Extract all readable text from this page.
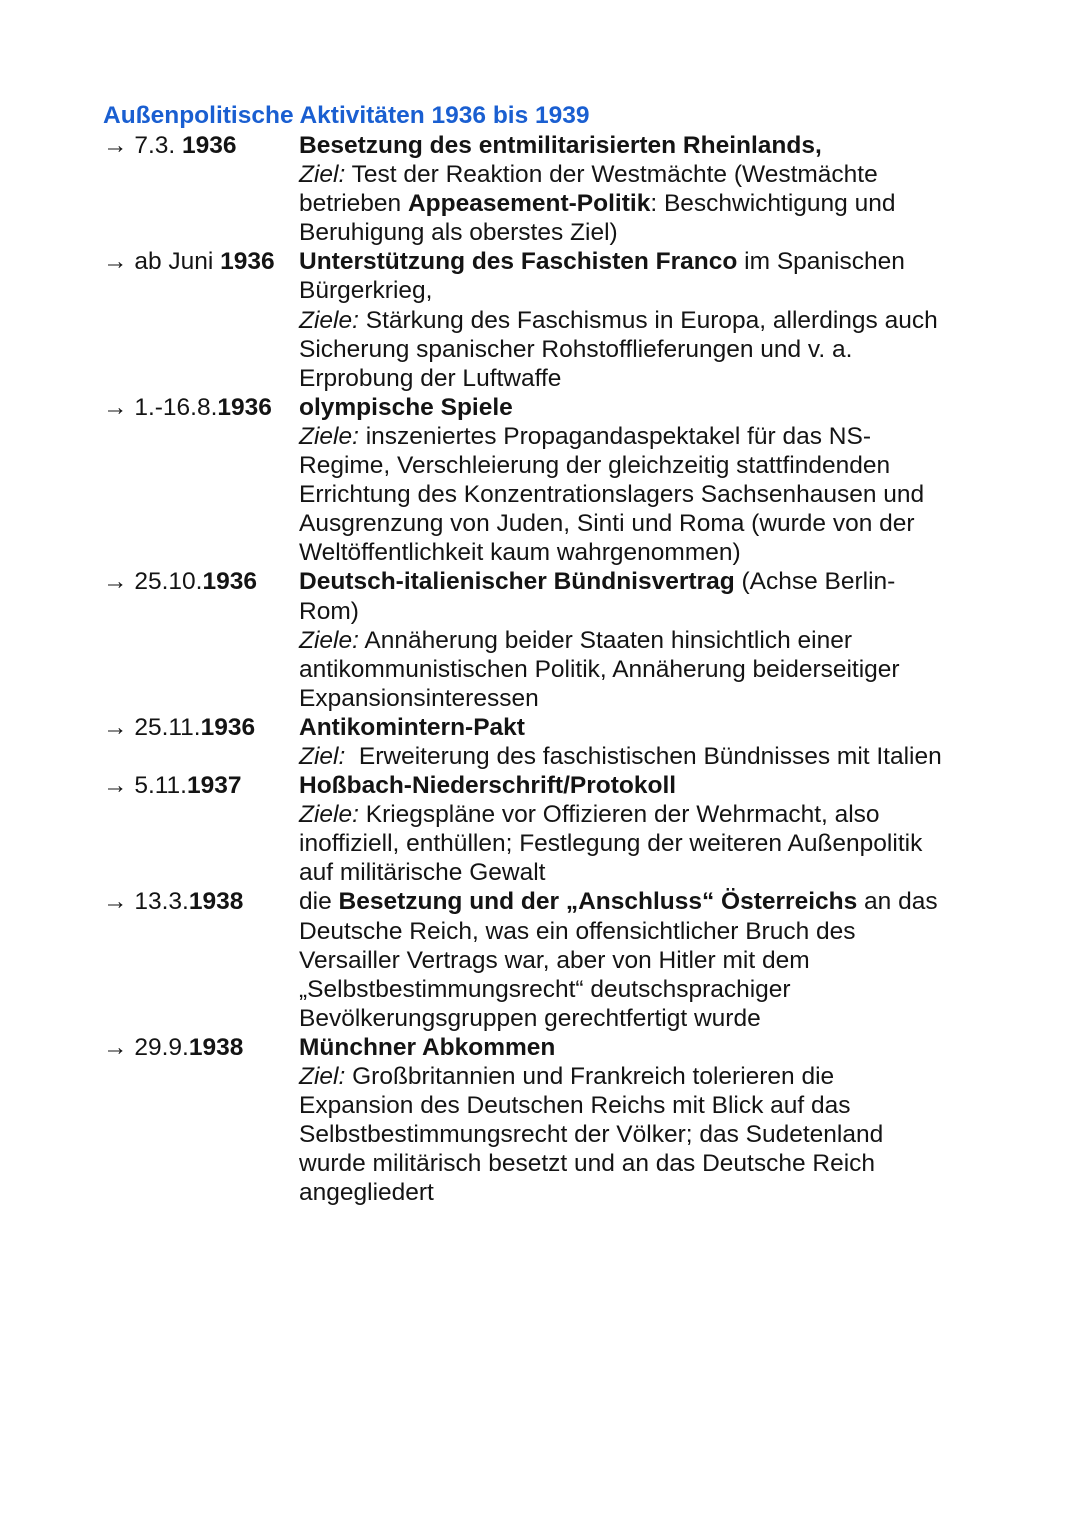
Außenpolitische Aktivitäten 1936 bis 1939
→ 7.3. 1936	Besetzung des entmilitarisierten Rheinlands,
Ziel: Test der Reaktion der Westmächte (Westmächte
betrieben Appeasement-Politik: Beschwichtigung und
Beruhigung als oberstes Ziel)
→ ab Juni 1936 Unterstützung des Faschisten Franco im Spanischen
Bürgerkrieg,
Ziele: Stärkung des Faschismus in Europa, allerdings auch
Sicherung spanischer Rohstofflieferungen und v. a.
Erprobung der Luftwaffe
→ 1.-16.8.1936	olympische Spiele
Ziele: inszeniertes Propagandaspektakel für das NS-
Regime, Verschleierung der gleichzeitig stattfindenden
Errichtung des Konzentrationslagers Sachsenhausen und
Ausgrenzung von Juden, Sinti und Roma (wurde von der
Weltöffentlichkeit kaum wahrgenommen)
→ 25.10.1936	Deutsch-italienischer Bündnisvertrag (Achse Berlin-
Rom)
Ziele: Annäherung beider Staaten hinsichtlich einer
antikommunistischen Politik, Annäherung beiderseitiger
Expansionsinteressen
→ 25.11.1936	Antikomintern-Pakt
Ziel:  Erweiterung des faschistischen Bündnisses mit Italien
→ 5.11.1937	Hoßbach-Niederschrift/Protokoll
Ziele: Kriegspläne vor Offizieren der Wehrmacht, also
inoffiziell, enthüllen; Festlegung der weiteren Außenpolitik
auf militärische Gewalt
→ 13.3.1938	die Besetzung und der „Anschluss“ Österreichs an das
Deutsche Reich, was ein offensichtlicher Bruch des
Versailler Vertrags war, aber von Hitler mit dem
„Selbstbestimmungsrecht“ deutschsprachiger
Bevölkerungsgruppen gerechtfertigt wurde
→ 29.9.1938	Münchner Abkommen
Ziel: Großbritannien und Frankreich tolerieren die
Expansion des Deutschen Reichs mit Blick auf das
Selbstbestimmungsrecht der Völker; das Sudetenland
wurde militärisch besetzt und an das Deutsche Reich
angegliedert
